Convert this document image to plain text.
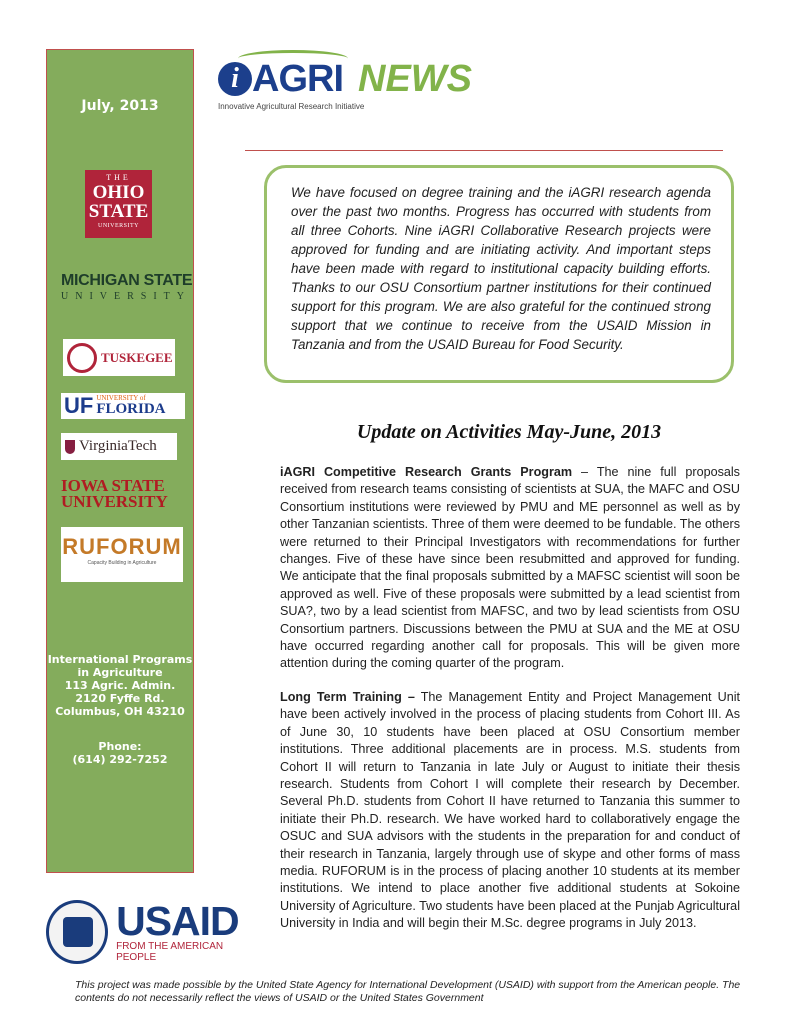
July, 2013
THE
OHIO STATE
UNIVERSITY
MICHIGAN STATE
UNIVERSITY
TUSKEGEE
UF UNIVERSITY of
FLORIDA
VirginiaTech
IOWA STATE UNIVERSITY
RUFORUM
Capacity Building in Agriculture
International Programs
in Agriculture
113 Agric. Admin.
2120 Fyffe Rd.
Columbus, OH 43210
Phone:
(614) 292-7252
USAID
FROM THE AMERICAN PEOPLE
i AGRI NEWS
Innovative Agricultural Research Initiative

We have focused on degree training and the iAGRI research agenda over the past two months. Progress has occurred with students from all three Cohorts. Nine iAGRI Collaborative Research projects were approved for funding and are initiating activity. And important steps have been made with regard to institutional capacity building efforts. Thanks to our OSU Consortium partner institutions for their continued support for this program. We are also grateful for the continued strong support that we continue to receive from the USAID Mission in Tanzania and from the USAID Bureau for Food Security.

Update on Activities May-June, 2013

iAGRI Competitive Research Grants Program – The nine full proposals received from research teams consisting of scientists at SUA, the MAFC and OSU Consortium institutions were reviewed by PMU and ME personnel as well as by other Tanzanian scientists. Three of them were deemed to be fundable. The others were returned to their Principal Investigators with recommendations for further changes. Five of these have since been resubmitted and approved for funding. We anticipate that the final proposals submitted by a MAFSC scientist will soon be approved as well. Five of these proposals were submitted by a lead scientist from SUA?, two by a lead scientist from MAFSC, and two by lead scientists from OSU Consortium partners. Discussions between the PMU at SUA and the ME at OSU have occurred regarding another call for proposals. This will be given more attention during the coming quarter of the program.

Long Term Training – The Management Entity and Project Management Unit have been actively involved in the process of placing students from Cohort III. As of June 30, 10 students have been placed at OSU Consortium member institutions. Three additional placements are in process. M.S. students from Cohort II will return to Tanzania in late July or August to initiate their thesis research. Students from Cohort I will complete their research by December. Several Ph.D. students from Cohort II have returned to Tanzania this summer to initiate their Ph.D. research. We have worked hard to collaboratively engage the OSUC and SUA advisors with the students in the preparation for and conduct of their research in Tanzania, largely through use of skype and other forms of mass media. RUFORUM is in the process of placing another 10 students at its member institutions. We intend to place another five additional students at Sokoine University of Agriculture. Two students have been placed at the Punjab Agricultural University in India and will begin their M.Sc. degree programs in July 2013.

This project was made possible by the United State Agency for International Development (USAID) with support from the American people. The contents do not necessarily reflect the views of USAID or the United States Government
